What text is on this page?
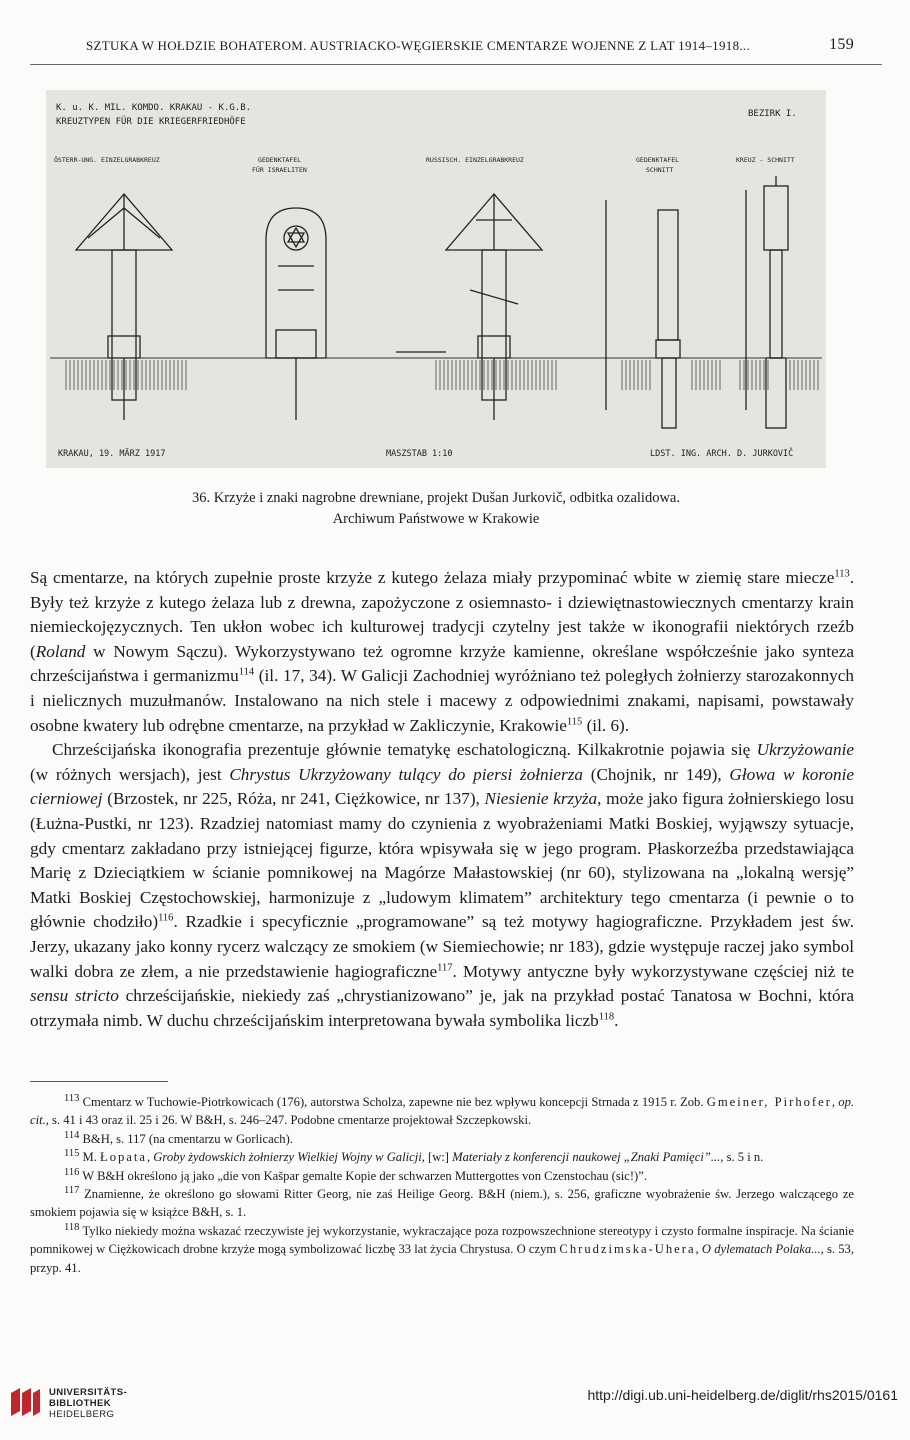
SZTUKA W HOŁDZIE BOHATEROM. AUSTRIACKO-WĘGIERSKIE CMENTARZE WOJENNE Z LAT 1914–1918...	159
K. u. K. MIL. KOMDO. KRAKAU - K.G.B.
KREUZTYPEN FÜR DIE KRIEGERFRIEDHÖFE
BEZIRK I.
ÖSTERR-UNG. EINZELGRABKREUZ	GEDENKTAFEL
FÜR ISRAELITEN
RUSSISCH. EINZELGRABKREUZ	GEDENKTAFEL
SCHNITT
KREUZ - SCHNITT
KRAKAU, 19. MÄRZ 1917	MASZSTAB 1:10	LDST. ING. ARCH. D. JURKOVIČ
36. Krzyże i znaki nagrobne drewniane, projekt Dušan Jurkovič, odbitka ozalidowa.
Archiwum Państwowe w Krakowie

Są cmentarze, na których zupełnie proste krzyże z kutego żelaza miały przypominać wbite w ziemię stare miecze$^{113}$. Były też krzyże z kutego żelaza lub z drewna, zapożyczone z osiemnasto- i dziewiętnastowiecznych cmentarzy krain niemieckojęzycznych. Ten ukłon wobec ich kulturowej tradycji czytelny jest także w ikonografii niektórych rzeźb (Roland w Nowym Sączu). Wykorzystywano też ogromne krzyże kamienne, określane współcześnie jako synteza chrześcijaństwa i germanizmu$^{114}$ (il. 17, 34). W Galicji Zachodniej wyróżniano też poległych żołnierzy starozakonnych i nielicznych muzułmanów. Instalowano na nich stele i macewy z odpowiednimi znakami, napisami, powstawały osobne kwatery lub odrębne cmentarze, na przykład w Zakliczynie, Krakowie$^{115}$ (il. 6).

Chrześcijańska ikonografia prezentuje głównie tematykę eschatologiczną. Kilkakrotnie pojawia się Ukrzyżowanie (w różnych wersjach), jest Chrystus Ukrzyżowany tulący do piersi żołnierza (Chojnik, nr 149), Głowa w koronie cierniowej (Brzostek, nr 225, Róża, nr 241, Ciężkowice, nr 137), Niesienie krzyża, może jako figura żołnierskiego losu (Łużna-Pustki, nr 123). Rzadziej natomiast mamy do czynienia z wyobrażeniami Matki Boskiej, wyjąwszy sytuacje, gdy cmentarz zakładano przy istniejącej figurze, która wpisywała się w jego program. Płaskorzeźba przedstawiająca Marię z Dzieciątkiem w ścianie pomnikowej na Magórze Małastowskiej (nr 60), stylizowana na „lokalną wersję” Matki Boskiej Częstochowskiej, harmonizuje z „ludowym klimatem” architektury tego cmentarza (i pewnie o to głównie chodziło)$^{116}$. Rzadkie i specyficznie „programowane” są też motywy hagiograficzne. Przykładem jest św. Jerzy, ukazany jako konny rycerz walczący ze smokiem (w Siemiechowie; nr 183), gdzie występuje raczej jako symbol walki dobra ze złem, a nie przedstawienie hagiograficzne$^{117}$. Motywy antyczne były wykorzystywane częściej niż te sensu stricto chrześcijańskie, niekiedy zaś „chrystianizowano” je, jak na przykład postać Tanatosa w Bochni, która otrzymała nimb. W duchu chrześcijańskim interpretowana bywała symbolika liczb$^{118}$.

$^{113}$ Cmentarz w Tuchowie-Piotrkowicach (176), autorstwa Scholza, zapewne nie bez wpływu koncepcji Strnada z 1915 r. Zob. Gmeiner, Pirhofer, op. cit., s. 41 i 43 oraz il. 25 i 26. W B&H, s. 246–247. Podobne cmentarze projektował Szczepkowski.

$^{114}$ B&H, s. 117 (na cmentarzu w Gorlicach).

$^{115}$ M. Łopata, Groby żydowskich żołnierzy Wielkiej Wojny w Galicji, [w:] Materiały z konferencji naukowej „Znaki Pamięci”..., s. 5 i n.

$^{116}$ W B&H określono ją jako „die von Kašpar gemalte Kopie der schwarzen Muttergottes von Czenstochau (sic!)”.

$^{117}$ Znamienne, że określono go słowami Ritter Georg, nie zaś Heilige Georg. B&H (niem.), s. 256, graficzne wyobrażenie św. Jerzego walczącego ze smokiem pojawia się w książce B&H, s. 1.

$^{118}$ Tylko niekiedy można wskazać rzeczywiste jej wykorzystanie, wykraczające poza rozpowszechnione stereotypy i czysto formalne inspiracje. Na ścianie pomnikowej w Ciężkowicach drobne krzyże mogą symbolizować liczbę 33 lat życia Chrystusa. O czym Chrudzimska-Uhera, O dylematach Polaka..., s. 53, przyp. 41.

UNIVERSITÄTS-
BIBLIOTHEK
HEIDELBERG
http://digi.ub.uni-heidelberg.de/diglit/rhs2015/0161
